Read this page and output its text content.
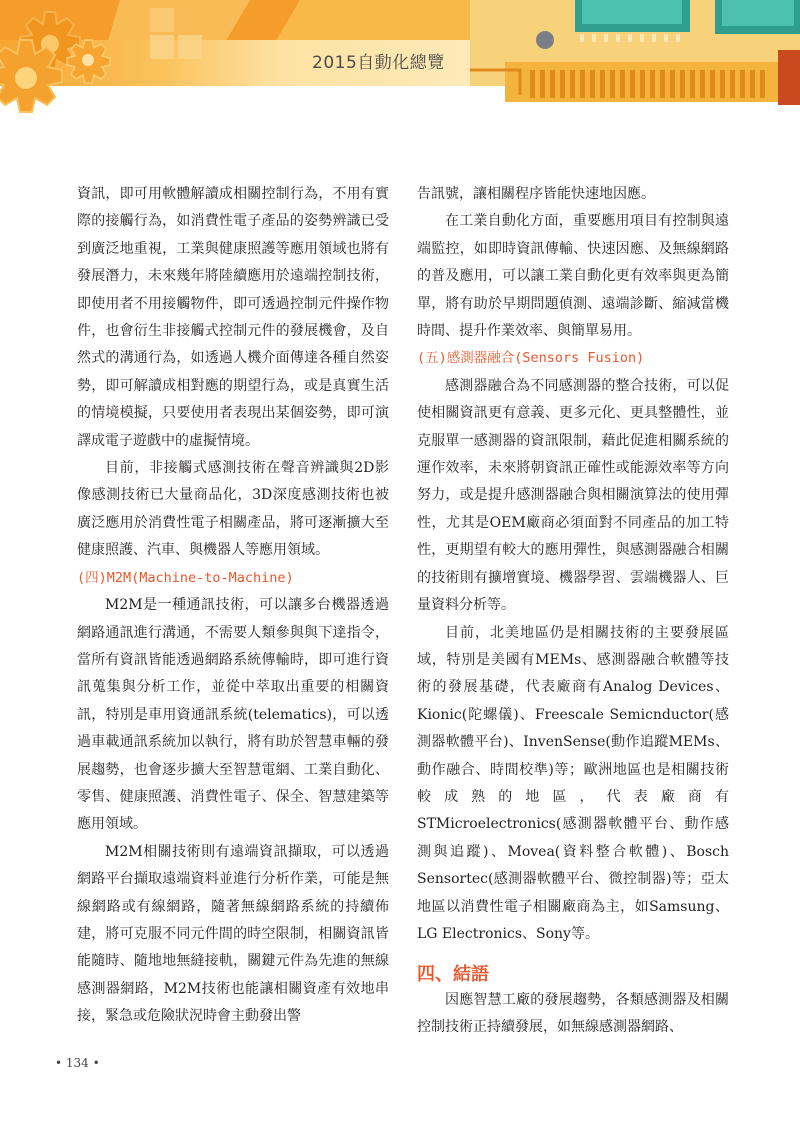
2015自動化總覽

資訊，即可用軟體解讀成相關控制行為，不用有實際的接觸行為，如消費性電子產品的姿勢辨識已受到廣泛地重視，工業與健康照護等應用領域也將有發展潛力，未來幾年將陸續應用於遠端控制技術，即使用者不用接觸物件，即可透過控制元件操作物件，也會衍生非接觸式控制元件的發展機會，及自然式的溝通行為，如透過人機介面傳達各種自然姿勢，即可解讀成相對應的期望行為，或是真實生活的情境模擬，只要使用者表現出某個姿勢，即可演譯成電子遊戲中的虛擬情境。

目前，非接觸式感測技術在聲音辨識與2D影像感測技術已大量商品化，3D深度感測技術也被廣泛應用於消費性電子相關產品，將可逐漸擴大至健康照護、汽車、與機器人等應用領域。

(四)M2M(Machine-to-Machine)

M2M是一種通訊技術，可以讓多台機器透過網路通訊進行溝通，不需要人類參與與下達指令，當所有資訊皆能透過網路系統傳輸時，即可進行資訊蒐集與分析工作，並從中萃取出重要的相關資訊，特別是車用資通訊系統(telematics)，可以透過車載通訊系統加以執行，將有助於智慧車輛的發展趨勢，也會逐步擴大至智慧電網、工業自動化、零售、健康照護、消費性電子、保全、智慧建築等應用領域。

M2M相關技術則有遠端資訊擷取，可以透過網路平台擷取遠端資料並進行分析作業，可能是無線網路或有線網路，隨著無線網路系統的持續佈建，將可克服不同元件間的時空限制，相關資訊皆能隨時、隨地地無縫接軌，關鍵元件為先進的無線感測器網路，M2M技術也能讓相關資產有效地串接，緊急或危險狀況時會主動發出警

告訊號，讓相關程序皆能快速地因應。

在工業自動化方面，重要應用項目有控制與遠端監控，如即時資訊傳輸、快速因應、及無線網路的普及應用，可以讓工業自動化更有效率與更為簡單，將有助於早期問題偵測、遠端診斷、縮減當機時間、提升作業效率、與簡單易用。

(五)感測器融合(Sensors Fusion)

感測器融合為不同感測器的整合技術，可以促使相關資訊更有意義、更多元化、更具整體性，並克服單一感測器的資訊限制，藉此促進相關系統的運作效率，未來將朝資訊正確性或能源效率等方向努力，或是提升感測器融合與相關演算法的使用彈性，尤其是OEM廠商必須面對不同產品的加工特性，更期望有較大的應用彈性，與感測器融合相關的技術則有擴增實境、機器學習、雲端機器人、巨量資料分析等。

目前，北美地區仍是相關技術的主要發展區域，特別是美國有MEMs、感測器融合軟體等技術的發展基礎，代表廠商有Analog Devices、Kionic(陀螺儀)、Freescale Semicnductor(感測器軟體平台)、InvenSense(動作追蹤MEMs、動作融合、時間校準)等；歐洲地區也是相關技術較成熟的地區，代表廠商有STMicroelectronics(感測器軟體平台、動作感測與追蹤)、Movea(資料整合軟體)、Bosch Sensortec(感測器軟體平台、微控制器)等；亞太地區以消費性電子相關廠商為主，如Samsung、LG Electronics、Sony等。

四、結語

因應智慧工廠的發展趨勢，各類感測器及相關控制技術正持續發展，如無線感測器網路、

• 134 •
